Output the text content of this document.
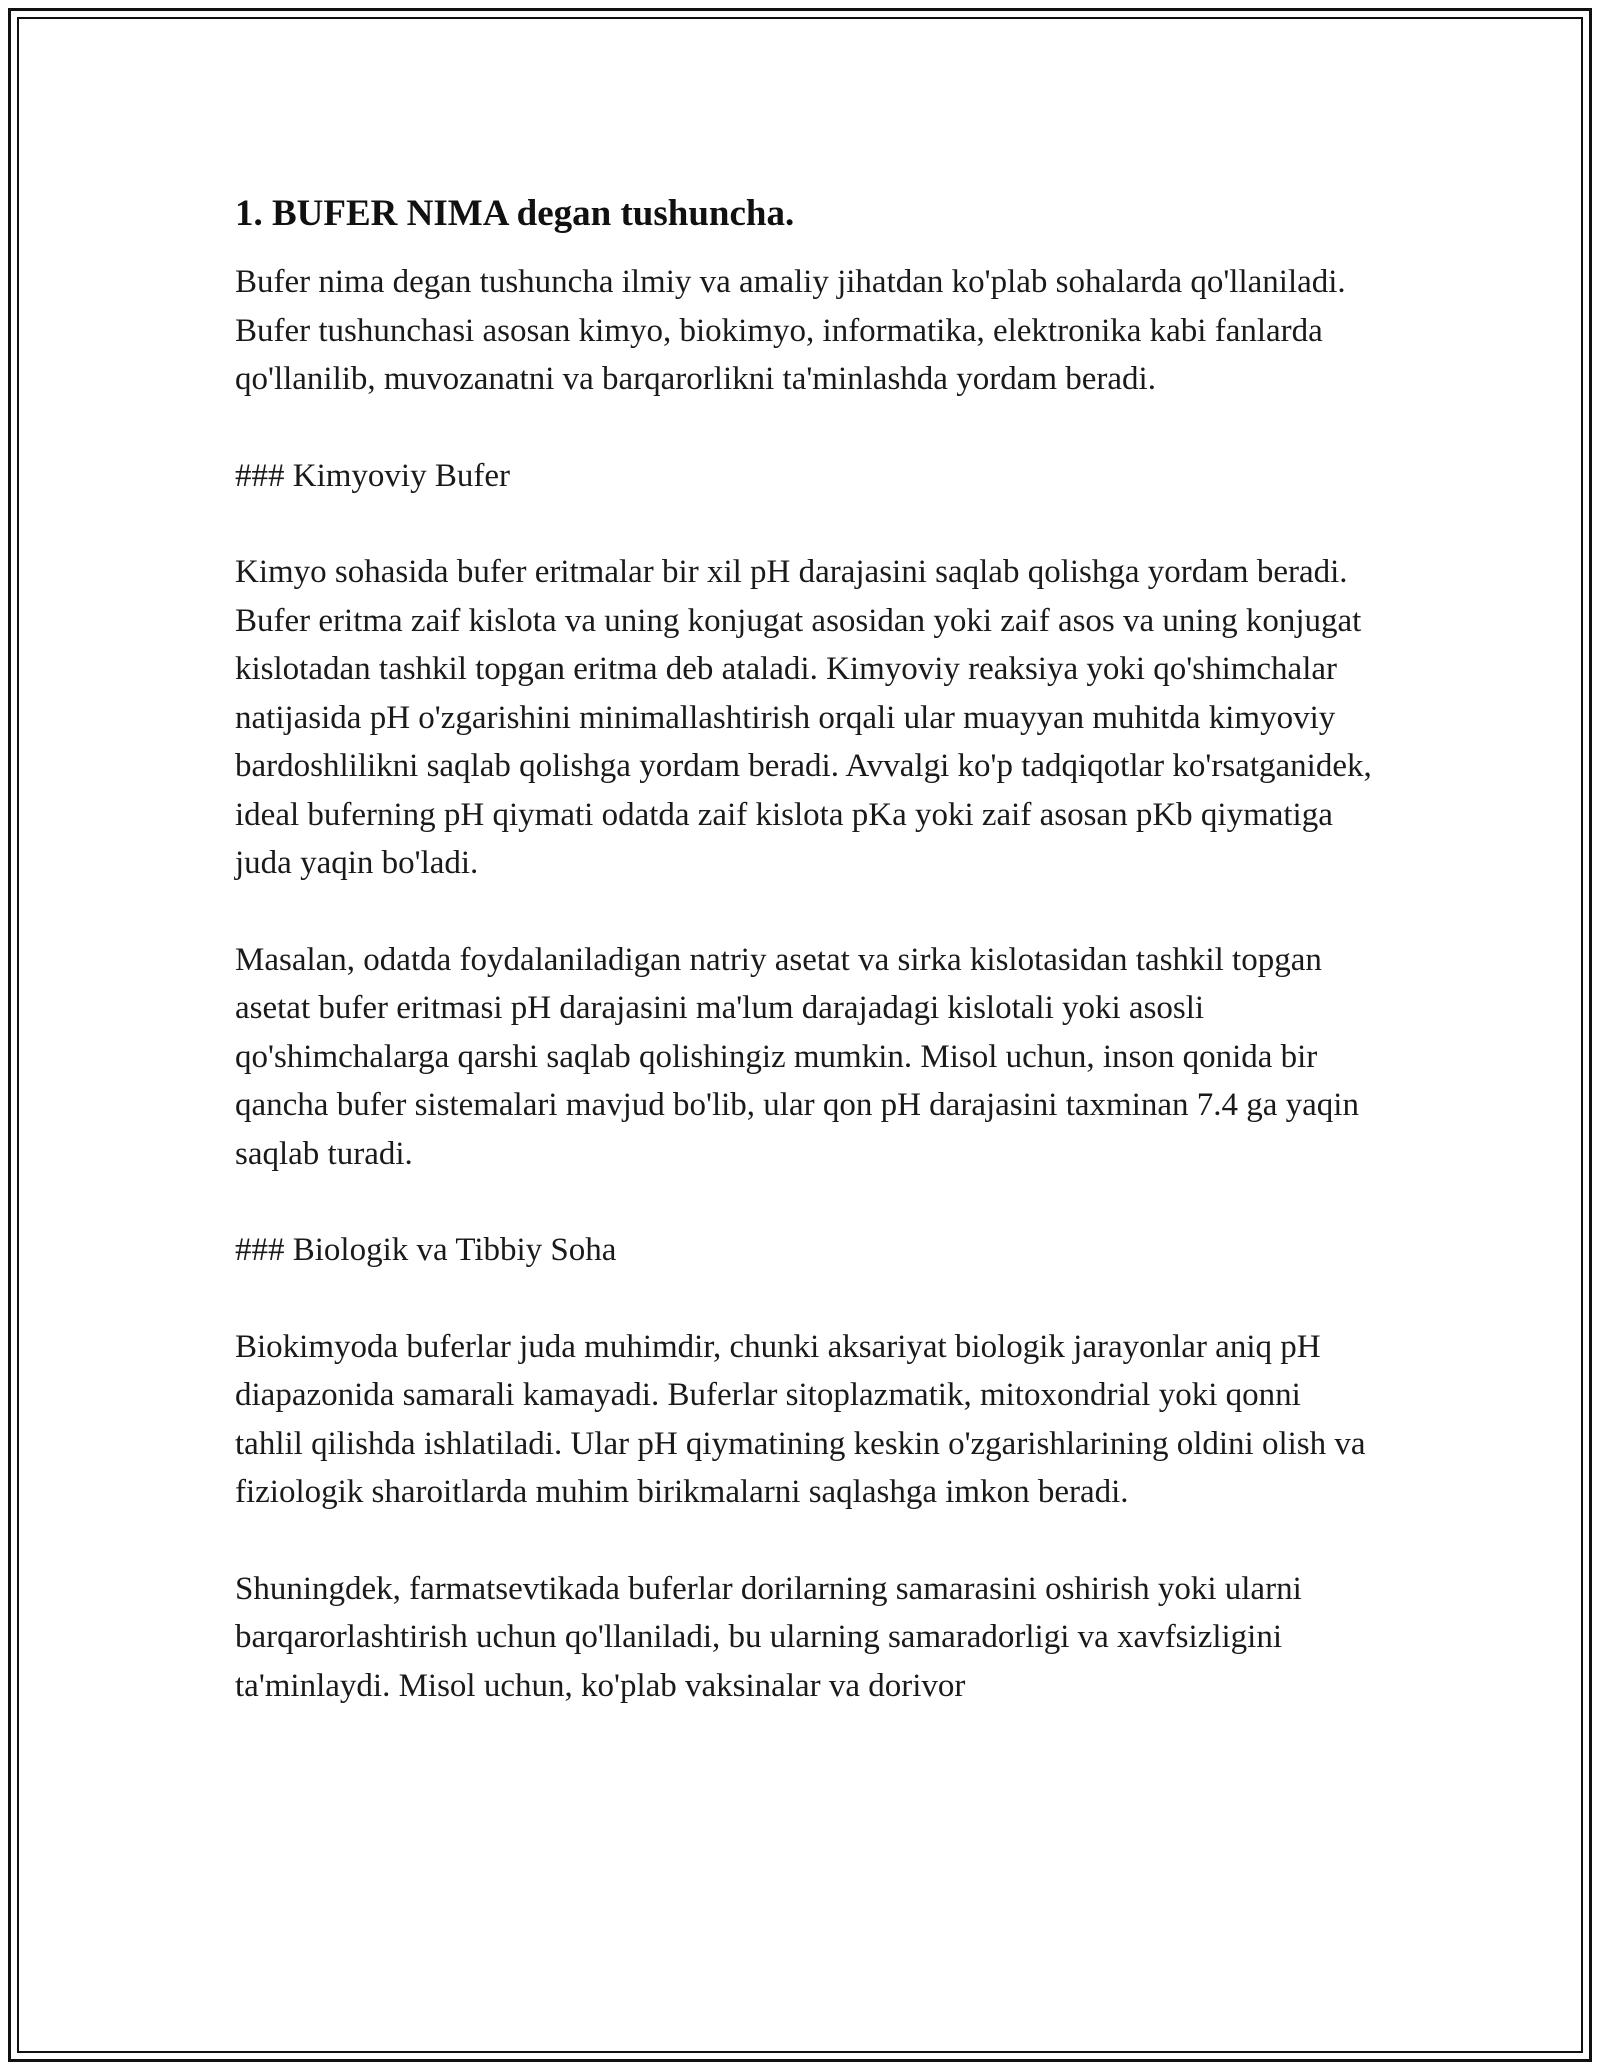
1. BUFER NIMA degan tushuncha.

Bufer nima degan tushuncha ilmiy va amaliy jihatdan ko'plab sohalarda qo'llaniladi. Bufer tushunchasi asosan kimyo, biokimyo, informatika, elektronika kabi fanlarda qo'llanilib, muvozanatni va barqarorlikni ta'minlashda yordam beradi.

### Kimyoviy Bufer

Kimyo sohasida bufer eritmalar bir xil pH darajasini saqlab qolishga yordam beradi. Bufer eritma zaif kislota va uning konjugat asosidan yoki zaif asos va uning konjugat kislotadan tashkil topgan eritma deb ataladi. Kimyoviy reaksiya yoki qo'shimchalar natijasida pH o'zgarishini minimallashtirish orqali ular muayyan muhitda kimyoviy bardoshlilikni saqlab qolishga yordam beradi. Avvalgi ko'p tadqiqotlar ko'rsatganidek, ideal buferning pH qiymati odatda zaif kislota pKa yoki zaif asosan pKb qiymatiga juda yaqin bo'ladi.

Masalan, odatda foydalaniladigan natriy asetat va sirka kislotasidan tashkil topgan asetat bufer eritmasi pH darajasini ma'lum darajadagi kislotali yoki asosli qo'shimchalarga qarshi saqlab qolishingiz mumkin. Misol uchun, inson qonida bir qancha bufer sistemalari mavjud bo'lib, ular qon pH darajasini taxminan 7.4 ga yaqin saqlab turadi.

### Biologik va Tibbiy Soha

Biokimyoda buferlar juda muhimdir, chunki aksariyat biologik jarayonlar aniq pH diapazonida samarali kamayadi. Buferlar sitoplazmatik, mitoxondrial yoki qonni tahlil qilishda ishlatiladi. Ular pH qiymatining keskin o'zgarishlarining oldini olish va fiziologik sharoitlarda muhim birikmalarni saqlashga imkon beradi.

Shuningdek, farmatsevtikada buferlar dorilarning samarasini oshirish yoki ularni barqarorlashtirish uchun qo'llaniladi, bu ularning samaradorligi va xavfsizligini ta'minlaydi. Misol uchun, ko'plab vaksinalar va dorivor
